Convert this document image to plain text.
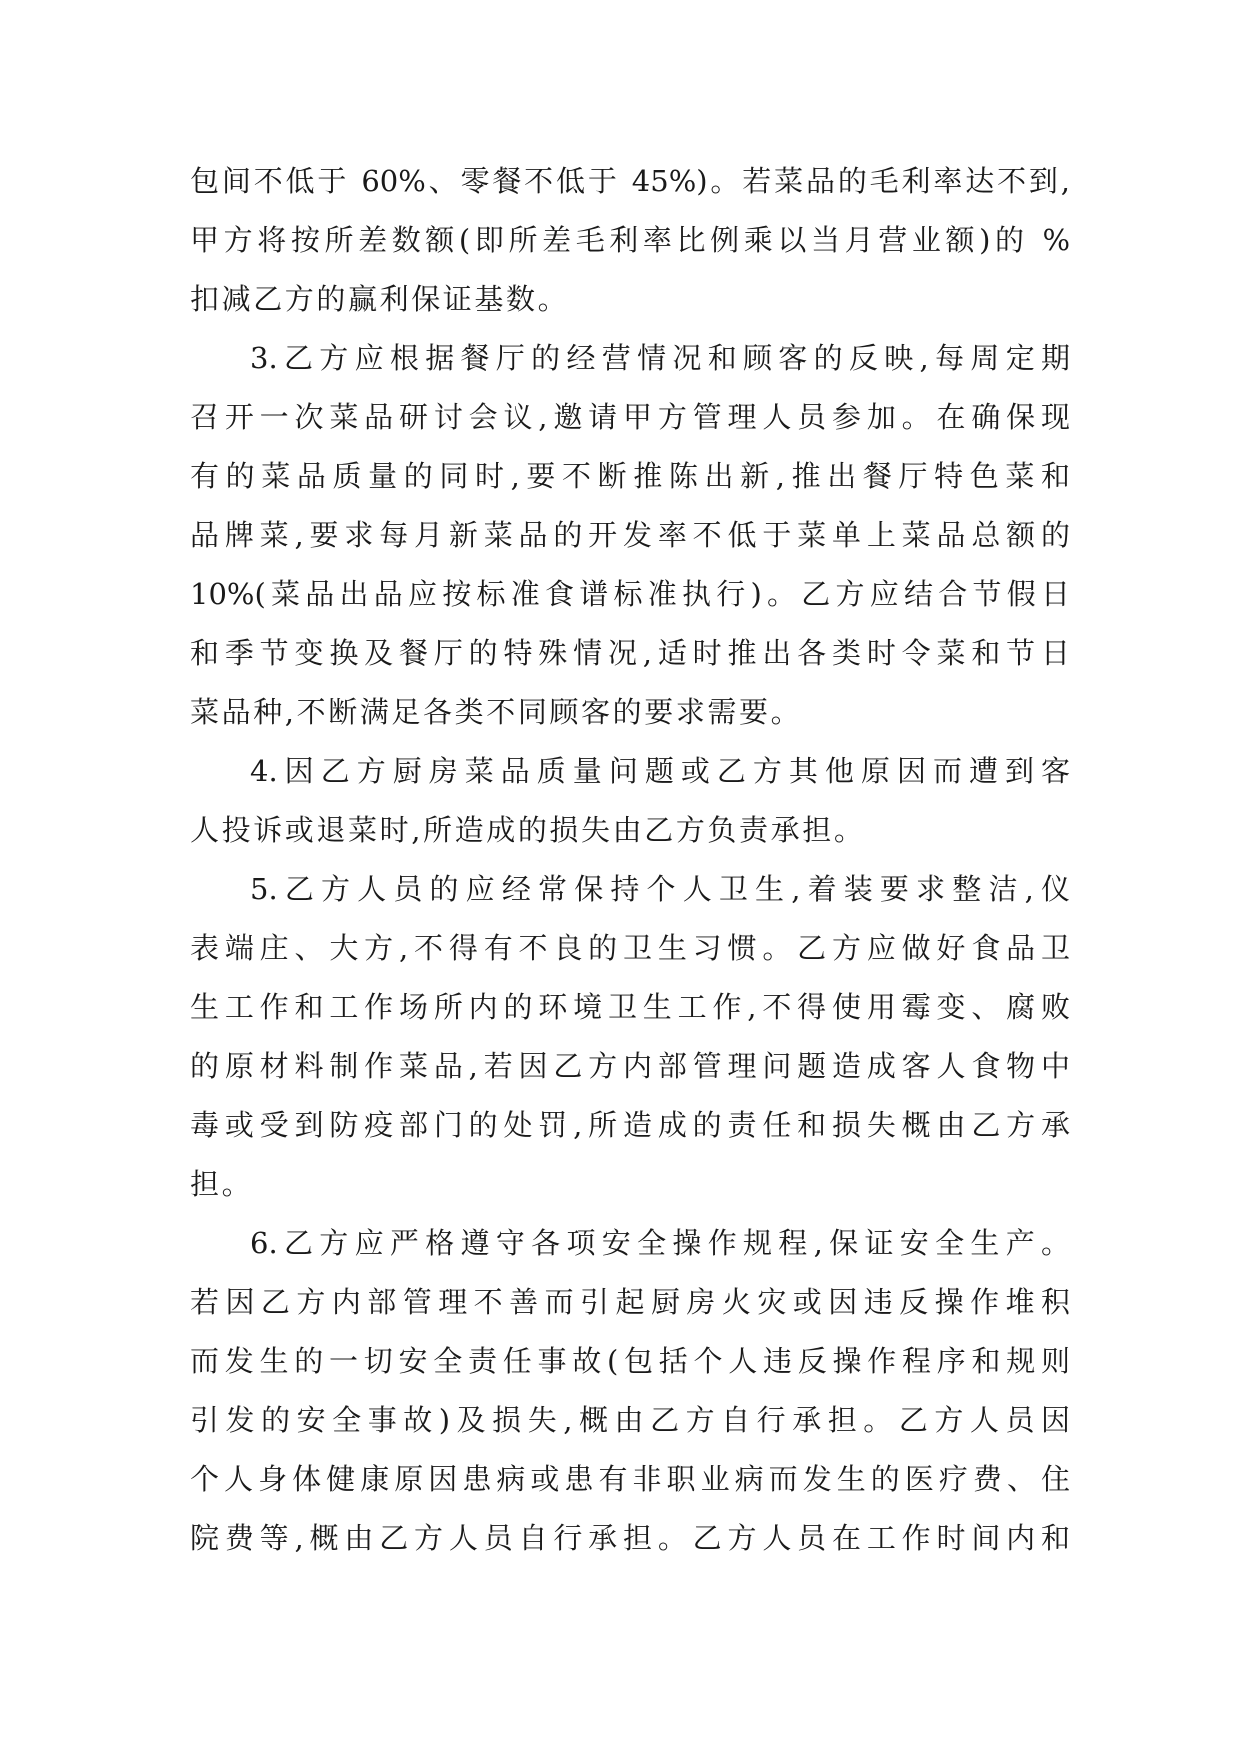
包间不低于 60%、零餐不低于 45%)。若菜品的毛利率达不到,
甲方将按所差数额(即所差毛利率比例乘以当月营业额)的 %
扣减乙方的赢利保证基数。
3.乙方应根据餐厅的经营情况和顾客的反映,每周定期
召开一次菜品研讨会议,邀请甲方管理人员参加。在确保现
有的菜品质量的同时,要不断推陈出新,推出餐厅特色菜和
品牌菜,要求每月新菜品的开发率不低于菜单上菜品总额的
10%(菜品出品应按标准食谱标准执行)。乙方应结合节假日
和季节变换及餐厅的特殊情况,适时推出各类时令菜和节日
菜品种,不断满足各类不同顾客的要求需要。
4.因乙方厨房菜品质量问题或乙方其他原因而遭到客
人投诉或退菜时,所造成的损失由乙方负责承担。
5.乙方人员的应经常保持个人卫生,着装要求整洁,仪
表端庄、大方,不得有不良的卫生习惯。乙方应做好食品卫
生工作和工作场所内的环境卫生工作,不得使用霉变、腐败
的原材料制作菜品,若因乙方内部管理问题造成客人食物中
毒或受到防疫部门的处罚,所造成的责任和损失概由乙方承
担。
6.乙方应严格遵守各项安全操作规程,保证安全生产。
若因乙方内部管理不善而引起厨房火灾或因违反操作堆积
而发生的一切安全责任事故(包括个人违反操作程序和规则
引发的安全事故)及损失,概由乙方自行承担。乙方人员因
个人身体健康原因患病或患有非职业病而发生的医疗费、住
院费等,概由乙方人员自行承担。乙方人员在工作时间内和
